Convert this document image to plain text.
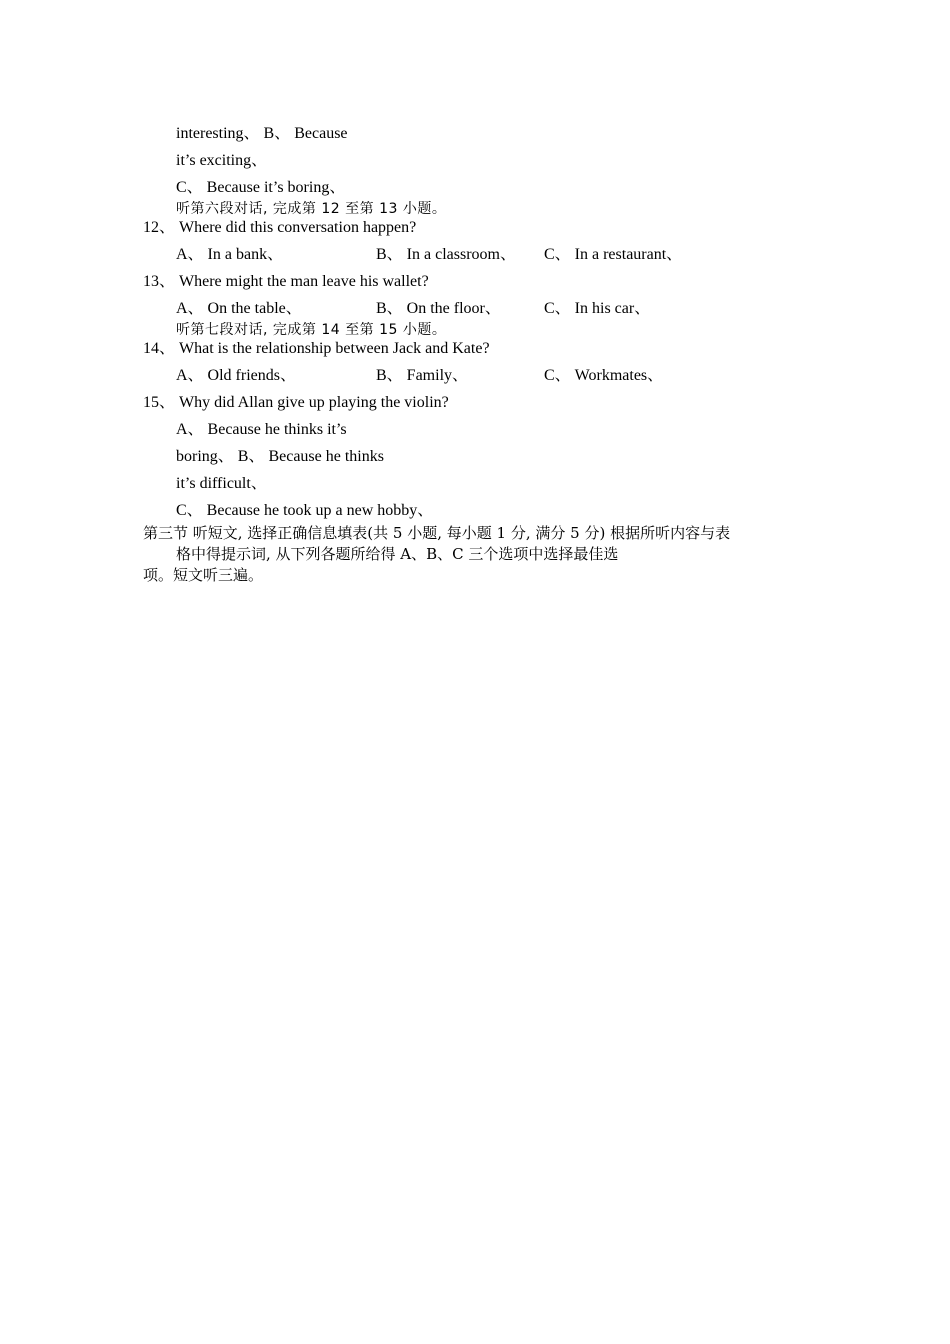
interesting、 B、 Because
it’s exciting、
C、 Because it’s boring、
听第六段对话, 完成第 12 至第 13 小题。
12、 Where did this conversation happen?
A、 In a bank、	B、 In a classroom、 C、 In a restaurant、
13、 Where might the man leave his wallet?
A、 On the table、	B、 On the floor、	C、 In his car、
听第七段对话, 完成第 14 至第 15 小题。
14、 What is the relationship between Jack and Kate?
A、 Old friends、	B、 Family、	C、 Workmates、
15、 Why did Allan give up playing the violin?
A、 Because he thinks it’s
boring、 B、 Because he thinks
it’s difficult、
C、 Because he took up a new hobby、
第三节 听短文, 选择正确信息填表(共 5 小题, 每小题 1 分, 满分 5 分) 根据所听内容与表
格中得提示词, 从下列各题所给得 A、B、C 三个选项中选择最佳选
项。短文听三遍。
